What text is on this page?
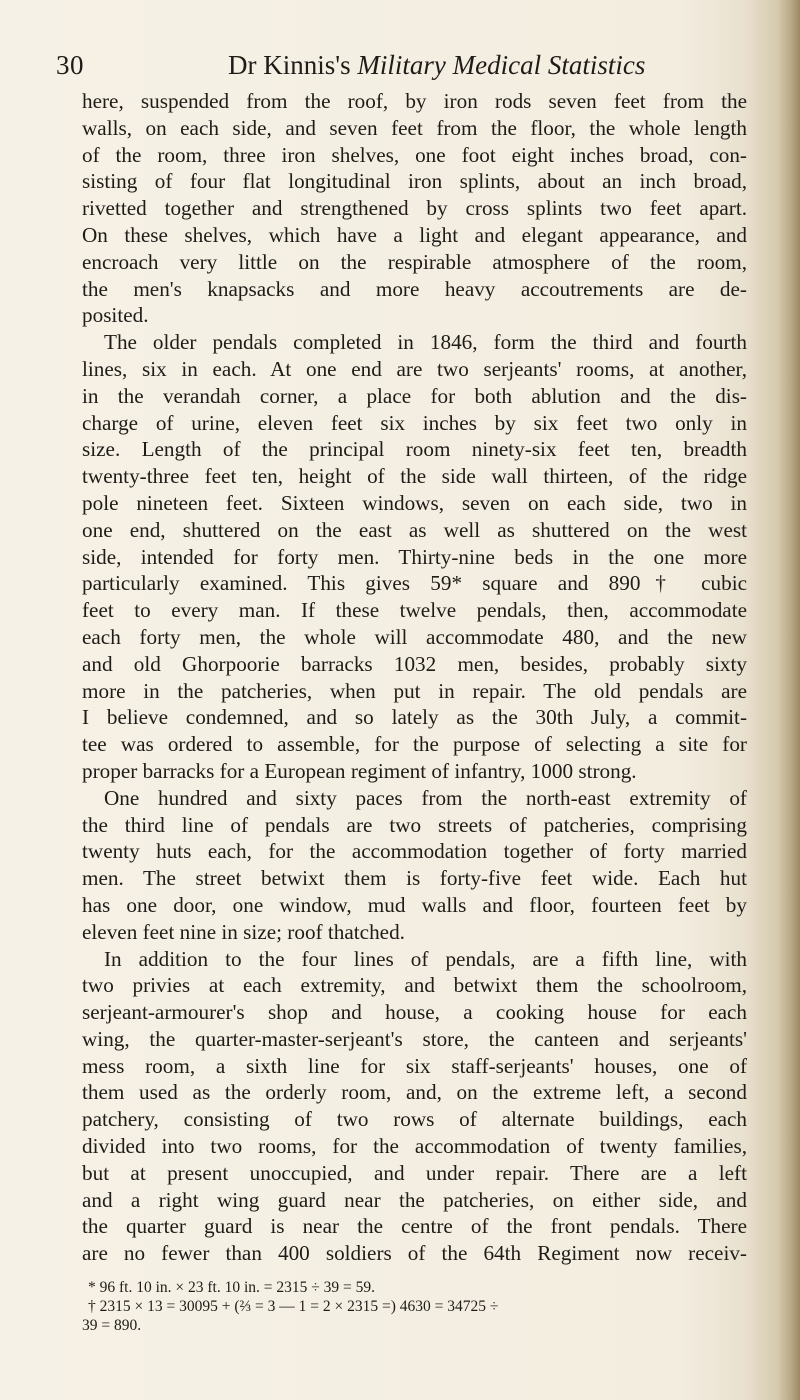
30	Dr Kinnis's Military Medical Statistics
here, suspended from the roof, by iron rods seven feet from the
walls, on each side, and seven feet from the floor, the whole length
of the room, three iron shelves, one foot eight inches broad, con-
sisting of four flat longitudinal iron splints, about an inch broad,
rivetted together and strengthened by cross splints two feet apart.
On these shelves, which have a light and elegant appearance, and
encroach very little on the respirable atmosphere of the room,
the men's knapsacks and more heavy accoutrements are de-
posited.
The older pendals completed in 1846, form the third and fourth
lines, six in each. At one end are two serjeants' rooms, at another,
in the verandah corner, a place for both ablution and the dis-
charge of urine, eleven feet six inches by six feet two only in
size. Length of the principal room ninety-six feet ten, breadth
twenty-three feet ten, height of the side wall thirteen, of the ridge
pole nineteen feet. Sixteen windows, seven on each side, two in
one end, shuttered on the east as well as shuttered on the west
side, intended for forty men. Thirty-nine beds in the one more
particularly examined. This gives 59* square and 890† cubic
feet to every man. If these twelve pendals, then, accommodate
each forty men, the whole will accommodate 480, and the new
and old Ghorpoorie barracks 1032 men, besides, probably sixty
more in the patcheries, when put in repair. The old pendals are
I believe condemned, and so lately as the 30th July, a commit-
tee was ordered to assemble, for the purpose of selecting a site for
proper barracks for a European regiment of infantry, 1000 strong.
One hundred and sixty paces from the north-east extremity of
the third line of pendals are two streets of patcheries, comprising
twenty huts each, for the accommodation together of forty married
men. The street betwixt them is forty-five feet wide. Each hut
has one door, one window, mud walls and floor, fourteen feet by
eleven feet nine in size; roof thatched.
In addition to the four lines of pendals, are a fifth line, with
two privies at each extremity, and betwixt them the schoolroom,
serjeant-armourer's shop and house, a cooking house for each
wing, the quarter-master-serjeant's store, the canteen and serjeants'
mess room, a sixth line for six staff-serjeants' houses, one of
them used as the orderly room, and, on the extreme left, a second
patchery, consisting of two rows of alternate buildings, each
divided into two rooms, for the accommodation of twenty families,
but at present unoccupied, and under repair. There are a left
and a right wing guard near the patcheries, on either side, and
the quarter guard is near the centre of the front pendals. There
are no fewer than 400 soldiers of the 64th Regiment now receiv-
* 96 ft. 10 in. × 23 ft. 10 in. = 2315 ÷ 39 = 59.
† 2315 × 13 = 30095 + (⅔ = 3 — 1 = 2 × 2315 =) 4630 = 34725 ÷
39 = 890.
